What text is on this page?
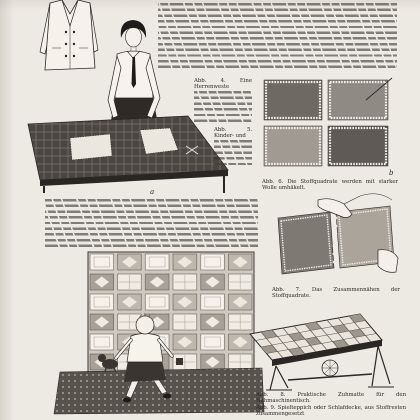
a
b
Abb. 4. Eine Herrenweste
Abb. 5. Kinder- und
Abb. 6. Die Stoffquadrate werden mit starker Wolle umhäkelt.
Abb. 7. Das Zusammennähen der Stoffquadrate.
Abb. 8. Praktische Zuhmatte für den Nähmaschinentisch.
Abb. 9. Spielteppich oder Schlafdecke, aus Stoffresten zusammengesetzt
